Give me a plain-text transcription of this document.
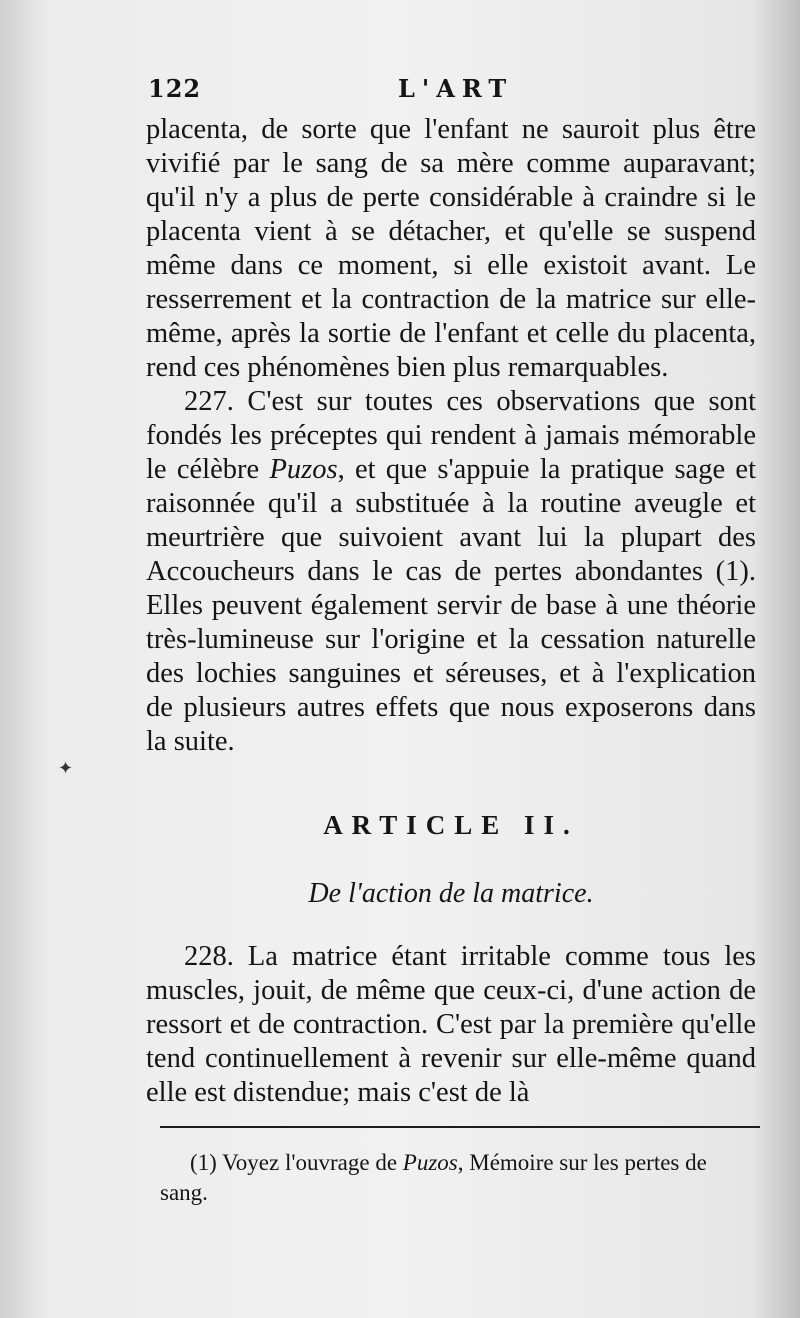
122	L'ART

placenta, de sorte que l'enfant ne sauroit plus être vivifié par le sang de sa mère comme auparavant; qu'il n'y a plus de perte considérable à craindre si le placenta vient à se détacher, et qu'elle se suspend même dans ce moment, si elle existoit avant. Le resserrement et la contraction de la matrice sur elle-même, après la sortie de l'enfant et celle du placenta, rend ces phénomènes bien plus remarquables.

227. C'est sur toutes ces observations que sont fondés les préceptes qui rendent à jamais mémorable le célèbre Puzos, et que s'appuie la pratique sage et raisonnée qu'il a substituée à la routine aveugle et meurtrière que suivoient avant lui la plupart des Accoucheurs dans le cas de pertes abondantes (1). Elles peuvent également servir de base à une théorie très-lumineuse sur l'origine et la cessation naturelle des lochies sanguines et séreuses, et à l'explication de plusieurs autres effets que nous exposerons dans la suite.

✦
ARTICLE II.
De l'action de la matrice.

228. La matrice étant irritable comme tous les muscles, jouit, de même que ceux-ci, d'une action de ressort et de contraction. C'est par la première qu'elle tend continuellement à revenir sur elle-même quand elle est distendue; mais c'est de là

(1) Voyez l'ouvrage de Puzos, Mémoire sur les pertes de sang.
